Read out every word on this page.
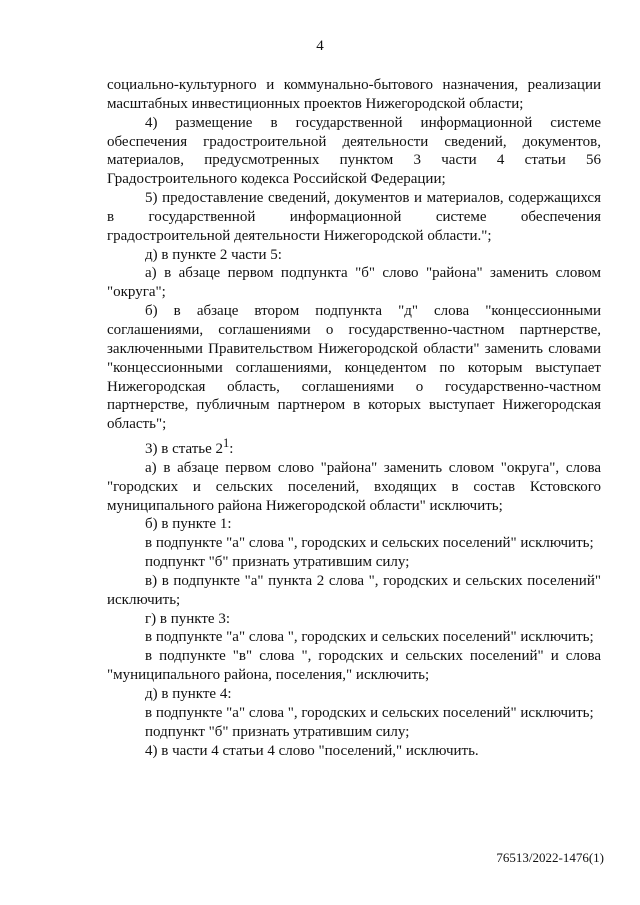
4

социально-культурного и коммунально-бытового назначения, реализации масштабных инвестиционных проектов Нижегородской области;

4) размещение в государственной информационной системе обеспечения градостроительной деятельности сведений, документов, материалов, предусмотренных пунктом 3 части 4 статьи 56 Градостроительного кодекса Российской Федерации;

5) предоставление сведений, документов и материалов, содержащихся в государственной информационной системе обеспечения градостроительной деятельности Нижегородской области.";

д) в пункте 2 части 5:

а) в абзаце первом подпункта "б" слово "района" заменить словом "округа";

б) в абзаце втором подпункта "д" слова "концессионными соглашениями, соглашениями о государственно-частном партнерстве, заключенными Правительством Нижегородской области" заменить словами "концессионными соглашениями, концедентом по которым выступает Нижегородская область, соглашениями о государственно-частном партнерстве, публичным партнером в которых выступает Нижегородская область";

3) в статье $2^1$:

а) в абзаце первом слово "района" заменить словом "округа", слова "городских и сельских поселений, входящих в состав Кстовского муниципального района Нижегородской области" исключить;

б) в пункте 1:

в подпункте "а" слова ", городских и сельских поселений" исключить;

подпункт "б" признать утратившим силу;

в) в подпункте "а" пункта 2 слова ", городских и сельских поселений" исключить;

г) в пункте 3:

в подпункте "а" слова ", городских и сельских поселений" исключить;

в подпункте "в" слова ", городских и сельских поселений" и слова "муниципального района, поселения," исключить;

д) в пункте 4:

в подпункте "а" слова ", городских и сельских поселений" исключить;

подпункт "б" признать утратившим силу;

4) в части 4 статьи 4 слово "поселений," исключить.

76513/2022-1476(1)
